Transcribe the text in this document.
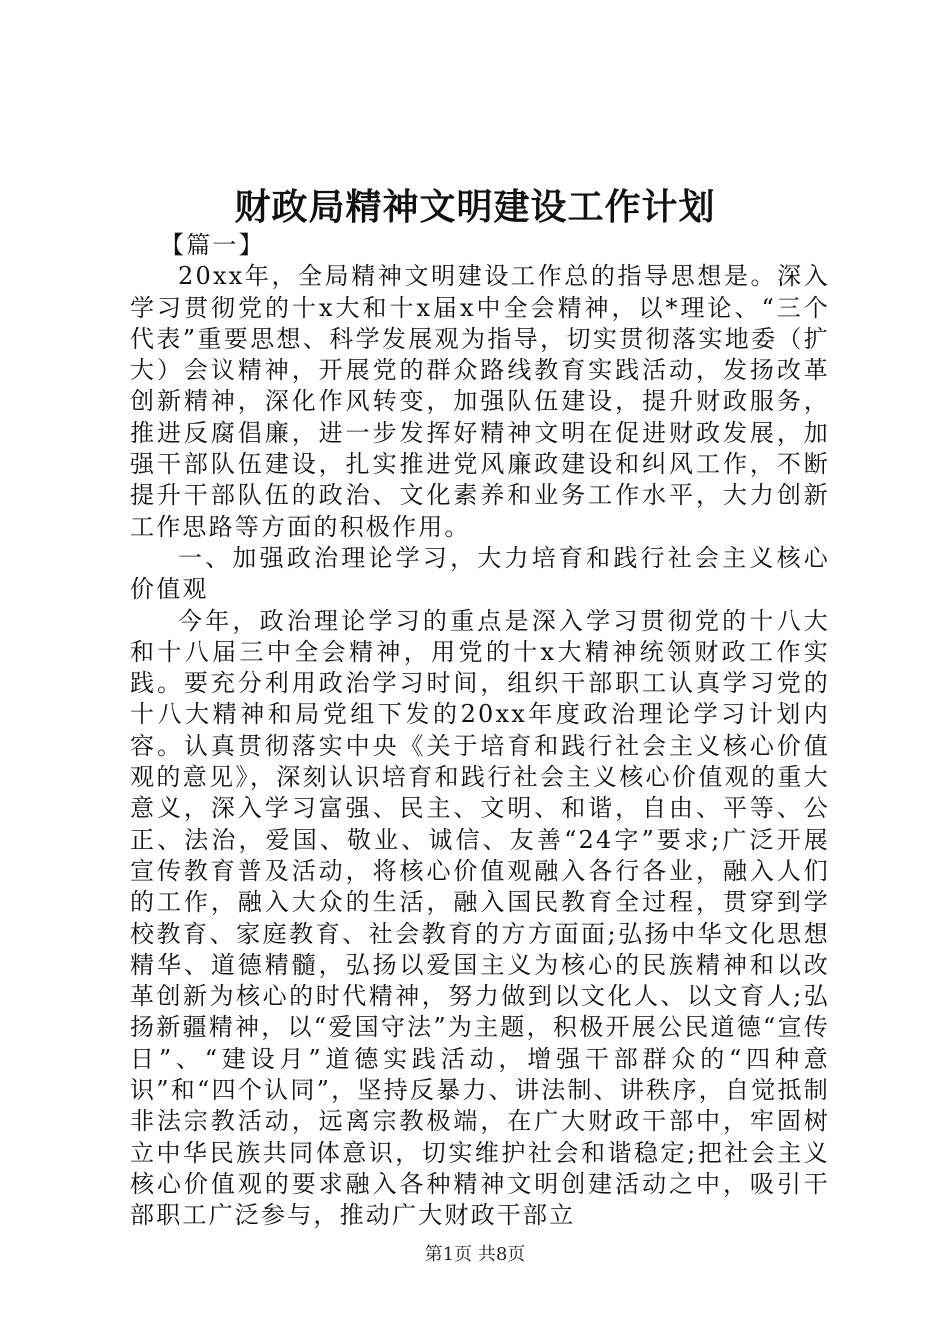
财政局精神文明建设工作计划

【篇一】

20xx年，全局精神文明建设工作总的指导思想是。深入学习贯彻党的十x大和十x届x中全会精神，以*理论、“三个代表”重要思想、科学发展观为指导，切实贯彻落实地委（扩大）会议精神，开展党的群众路线教育实践活动，发扬改革创新精神，深化作风转变，加强队伍建设，提升财政服务，推进反腐倡廉，进一步发挥好精神文明在促进财政发展，加强干部队伍建设，扎实推进党风廉政建设和纠风工作，不断提升干部队伍的政治、文化素养和业务工作水平，大力创新工作思路等方面的积极作用。

一、加强政治理论学习，大力培育和践行社会主义核心价值观

今年，政治理论学习的重点是深入学习贯彻党的十八大和十八届三中全会精神，用党的十x大精神统领财政工作实践。要充分利用政治学习时间，组织干部职工认真学习党的十八大精神和局党组下发的20xx年度政治理论学习计划内容。认真贯彻落实中央《关于培育和践行社会主义核心价值观的意见》，深刻认识培育和践行社会主义核心价值观的重大意义，深入学习富强、民主、文明、和谐，自由、平等、公正、法治，爱国、敬业、诚信、友善“24字”要求;广泛开展宣传教育普及活动，将核心价值观融入各行各业，融入人们的工作，融入大众的生活，融入国民教育全过程，贯穿到学校教育、家庭教育、社会教育的方方面面;弘扬中华文化思想精华、道德精髓，弘扬以爱国主义为核心的民族精神和以改革创新为核心的时代精神，努力做到以文化人、以文育人;弘扬新疆精神，以“爱国守法”为主题，积极开展公民道德“宣传日”、“建设月”道德实践活动，增强干部群众的“四种意识”和“四个认同”，坚持反暴力、讲法制、讲秩序，自觉抵制非法宗教活动，远离宗教极端，在广大财政干部中，牢固树立中华民族共同体意识，切实维护社会和谐稳定;把社会主义核心价值观的要求融入各种精神文明创建活动之中，吸引干部职工广泛参与，推动广大财政干部立

第1页 共8页
